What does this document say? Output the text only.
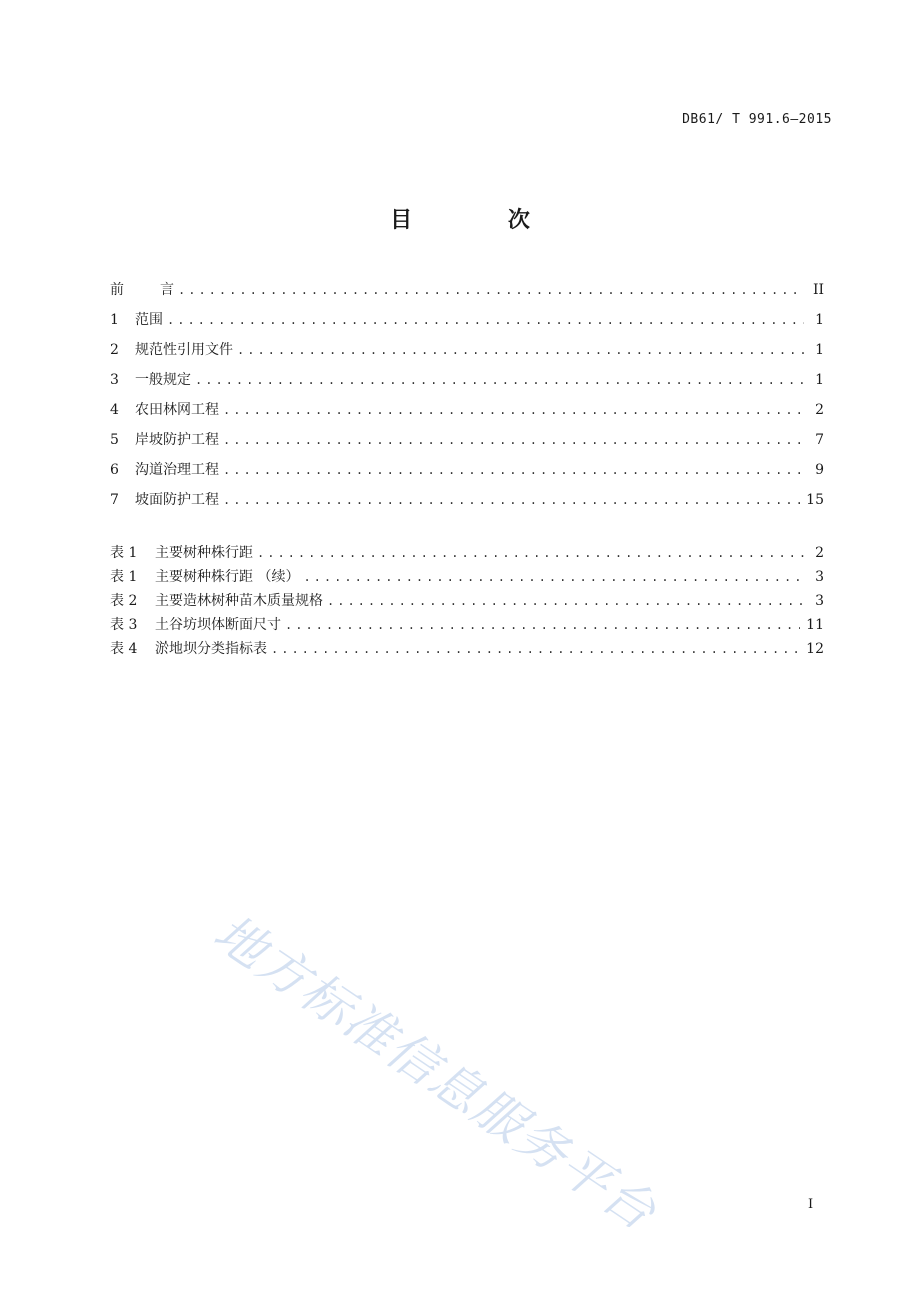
DB61/ T 991.6—2015
目 次
前	言 .....	II
1	范围 .....	1
2	规范性引用文件 .....	1
3	一般规定 .....	1
4	农田林网工程 .....	2
5	岸坡防护工程 .....	7
6	沟道治理工程 .....	9
7	坡面防护工程 .....	15
表 1	主要树种株行距 .....	2
表 1	主要树种株行距 （续） .....	3
表 2	主要造林树种苗木质量规格 .....	3
表 3	土谷坊坝体断面尺寸 .....	11
表 4	淤地坝分类指标表 .....	12
地方标准信息服务平台	I
